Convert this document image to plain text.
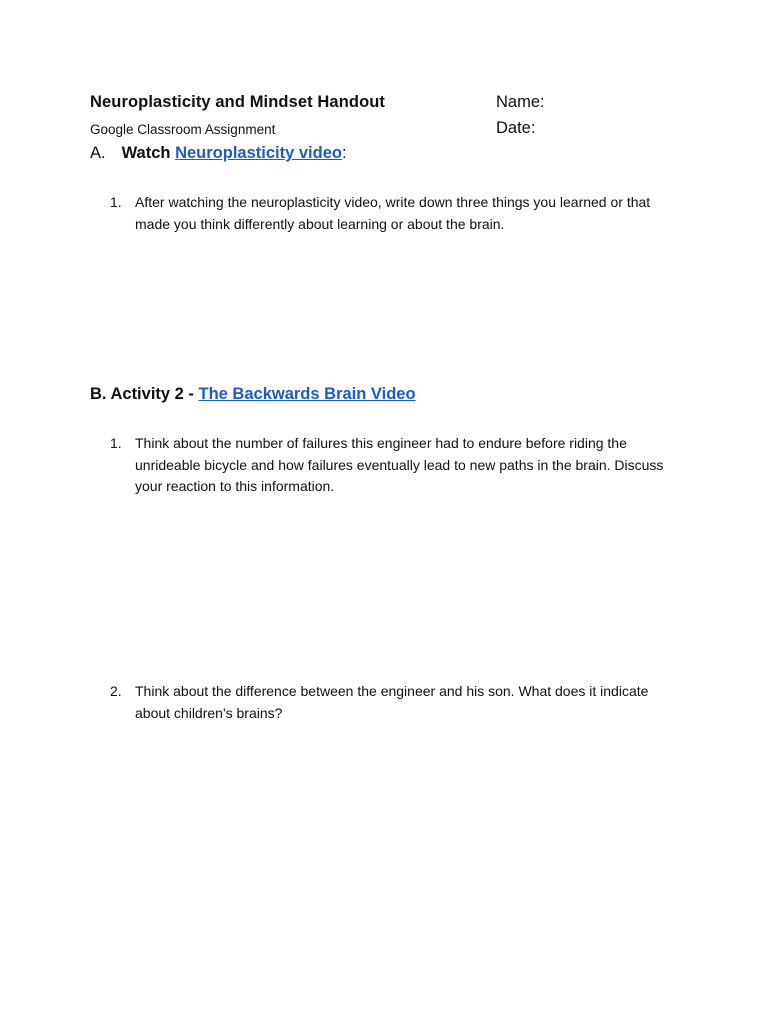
Neuroplasticity and Mindset Handout
Google Classroom Assignment
Name:
Date:
A. Watch Neuroplasticity video:
1. After watching the neuroplasticity video, write down three things you learned or that made you think differently about learning or about the brain.
B. Activity 2 - The Backwards Brain Video
1. Think about the number of failures this engineer had to endure before riding the unrideable bicycle and how failures eventually lead to new paths in the brain. Discuss your reaction to this information.
2. Think about the difference between the engineer and his son. What does it indicate about children's brains?
